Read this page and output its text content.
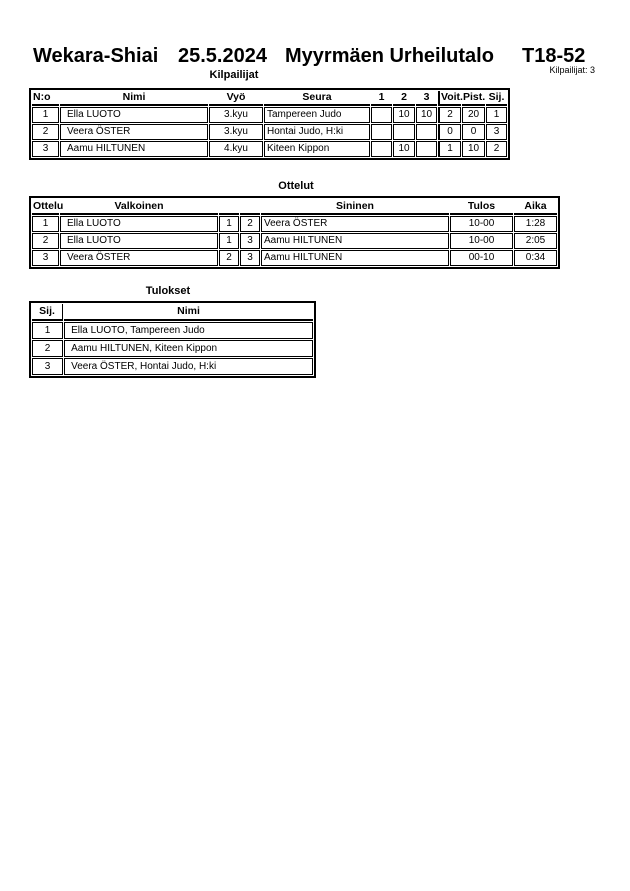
Wekara-Shiai 25.5.2024 Myyrmäen Urheilutalo T18-52
Kilpailijat: 3
Kilpailijat
N:o	Nimi	Vyö	Seura	1	2	3	Voit.	Pist.	Sij.
1	Ella LUOTO	3.kyu	Tampereen Judo		10	10	2	20	1
2	Veera ÖSTER	3.kyu	Hontai Judo, H:ki				0	0	3
3	Aamu HILTUNEN	4.kyu	Kiteen Kippon		10		1	10	2
Ottelut
Ottelu	Valkoinen			Sininen	Tulos	Aika
1	Ella LUOTO	1	2	Veera ÖSTER	10-00	1:28
2	Ella LUOTO	1	3	Aamu HILTUNEN	10-00	2:05
3	Veera ÖSTER	2	3	Aamu HILTUNEN	00-10	0:34
Tulokset
Sij.	Nimi
1	Ella LUOTO, Tampereen Judo
2	Aamu HILTUNEN, Kiteen Kippon
3	Veera ÖSTER, Hontai Judo, H:ki
